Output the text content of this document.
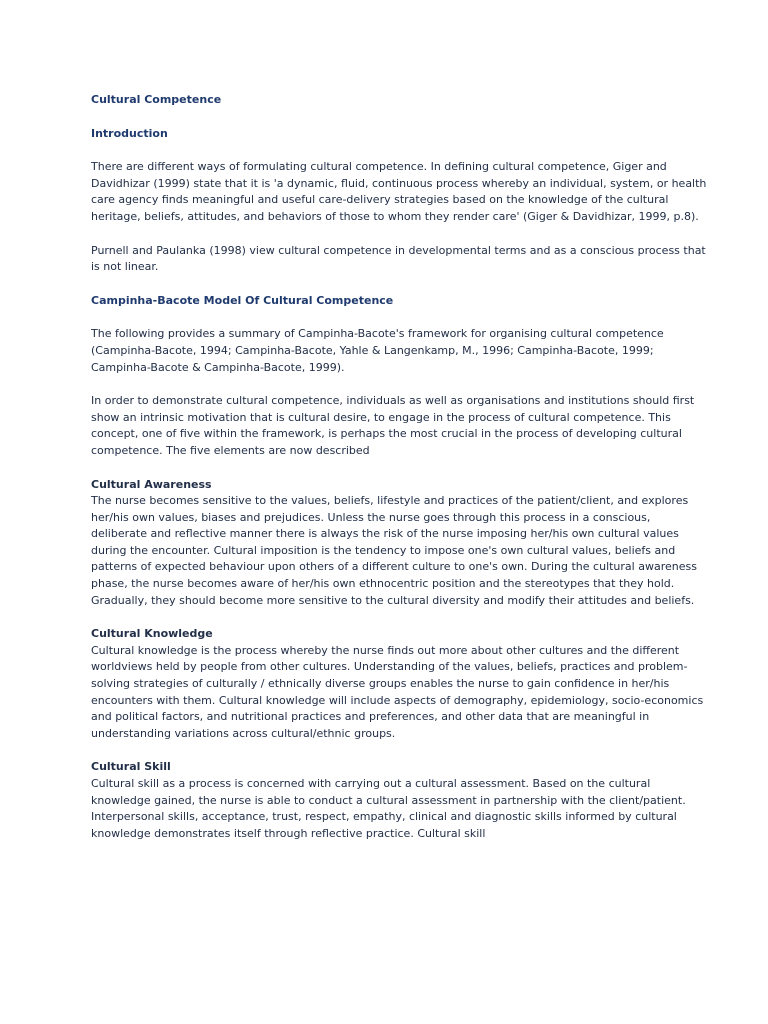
Cultural Competence

Introduction

There are different ways of formulating cultural competence. In defining cultural competence, Giger and Davidhizar (1999) state that it is 'a dynamic, fluid, continuous process whereby an individual, system, or health care agency finds meaningful and useful care-delivery strategies based on the knowledge of the cultural heritage, beliefs, attitudes, and behaviors of those to whom they render care' (Giger & Davidhizar, 1999, p.8).

Purnell and Paulanka (1998) view cultural competence in developmental terms and as a conscious process that is not linear.

Campinha-Bacote Model Of Cultural Competence

The following provides a summary of Campinha-Bacote's framework for organising cultural competence (Campinha-Bacote, 1994; Campinha-Bacote, Yahle & Langenkamp, M., 1996; Campinha-Bacote, 1999; Campinha-Bacote & Campinha-Bacote, 1999).

In order to demonstrate cultural competence, individuals as well as organisations and institutions should first show an intrinsic motivation that is cultural desire, to engage in the process of cultural competence. This concept, one of five within the framework, is perhaps the most crucial in the process of developing cultural competence. The five elements are now described

Cultural Awareness

The nurse becomes sensitive to the values, beliefs, lifestyle and practices of the patient/client, and explores her/his own values, biases and prejudices. Unless the nurse goes through this process in a conscious, deliberate and reflective manner there is always the risk of the nurse imposing her/his own cultural values during the encounter. Cultural imposition is the tendency to impose one's own cultural values, beliefs and patterns of expected behaviour upon others of a different culture to one's own. During the cultural awareness phase, the nurse becomes aware of her/his own ethnocentric position and the stereotypes that they hold. Gradually, they should become more sensitive to the cultural diversity and modify their attitudes and beliefs.

Cultural Knowledge

Cultural knowledge is the process whereby the nurse finds out more about other cultures and the different worldviews held by people from other cultures. Understanding of the values, beliefs, practices and problem-solving strategies of culturally / ethnically diverse groups enables the nurse to gain confidence in her/his encounters with them. Cultural knowledge will include aspects of demography, epidemiology, socio-economics and political factors, and nutritional practices and preferences, and other data that are meaningful in understanding variations across cultural/ethnic groups.

Cultural Skill

Cultural skill as a process is concerned with carrying out a cultural assessment. Based on the cultural knowledge gained, the nurse is able to conduct a cultural assessment in partnership with the client/patient. Interpersonal skills, acceptance, trust, respect, empathy, clinical and diagnostic skills informed by cultural knowledge demonstrates itself through reflective practice. Cultural skill
